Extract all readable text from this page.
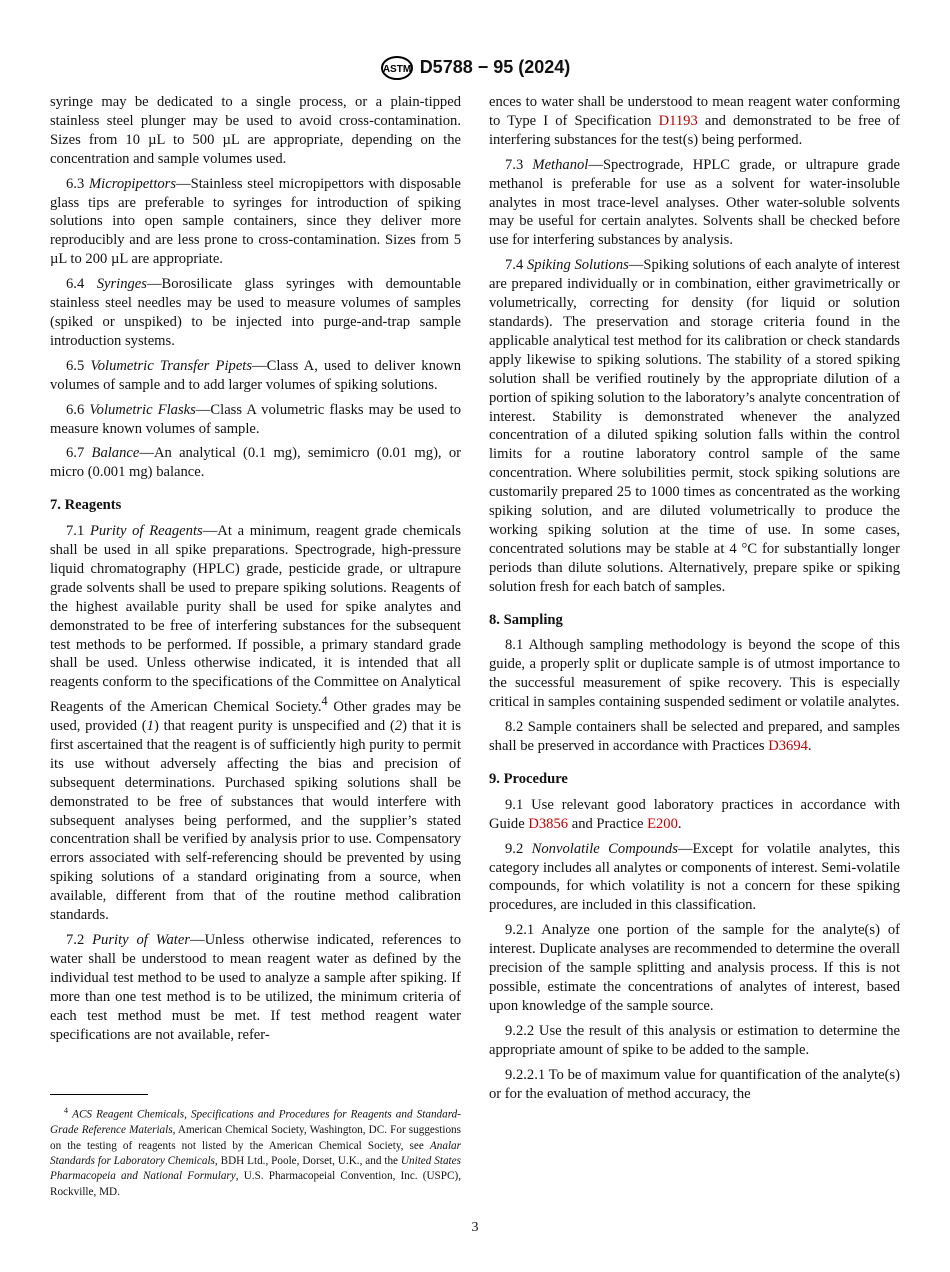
ASTM D5788 − 95 (2024)

syringe may be dedicated to a single process, or a plain-tipped stainless steel plunger may be used to avoid cross-contamination. Sizes from 10 µL to 500 µL are appropriate, depending on the concentration and sample volumes used.

6.3 Micropipettors—Stainless steel micropipettors with disposable glass tips are preferable to syringes for introduction of spiking solutions into open sample containers, since they deliver more reproducibly and are less prone to cross-contamination. Sizes from 5 µL to 200 µL are appropriate.

6.4 Syringes—Borosilicate glass syringes with demountable stainless steel needles may be used to measure volumes of samples (spiked or unspiked) to be injected into purge-and-trap sample introduction systems.

6.5 Volumetric Transfer Pipets—Class A, used to deliver known volumes of sample and to add larger volumes of spiking solutions.

6.6 Volumetric Flasks—Class A volumetric flasks may be used to measure known volumes of sample.

6.7 Balance—An analytical (0.1 mg), semimicro (0.01 mg), or micro (0.001 mg) balance.

7. Reagents

7.1 Purity of Reagents—At a minimum, reagent grade chemicals shall be used in all spike preparations. Spectrograde, high-pressure liquid chromatography (HPLC) grade, pesticide grade, or ultrapure grade solvents shall be used to prepare spiking solutions. Reagents of the highest available purity shall be used for spike analytes and demonstrated to be free of interfering substances for the subsequent test methods to be performed. If possible, a primary standard grade shall be used. Unless otherwise indicated, it is intended that all reagents conform to the specifications of the Committee on Analytical Reagents of the American Chemical Society.$^4$ Other grades may be used, provided (1) that reagent purity is unspecified and (2) that it is first ascertained that the reagent is of sufficiently high purity to permit its use without adversely affecting the bias and precision of subsequent determinations. Purchased spiking solutions shall be demonstrated to be free of substances that would interfere with subsequent analyses being performed, and the supplier’s stated concentration shall be verified by analysis prior to use. Compensatory errors associated with self-referencing should be prevented by using spiking solutions of a standard originating from a source, when available, different from that of the routine method calibration standards.

7.2 Purity of Water—Unless otherwise indicated, references to water shall be understood to mean reagent water as defined by the individual test method to be used to analyze a sample after spiking. If more than one test method is to be utilized, the minimum criteria of each test method must be met. If test method reagent water specifications are not available, refer-

ences to water shall be understood to mean reagent water conforming to Type I of Specification D1193 and demonstrated to be free of interfering substances for the test(s) being performed.

7.3 Methanol—Spectrograde, HPLC grade, or ultrapure grade methanol is preferable for use as a solvent for water-insoluble analytes in most trace-level analyses. Other water-soluble solvents may be useful for certain analytes. Solvents shall be checked before use for interfering substances by analysis.

7.4 Spiking Solutions—Spiking solutions of each analyte of interest are prepared individually or in combination, either gravimetrically or volumetrically, correcting for density (for liquid or solution standards). The preservation and storage criteria found in the applicable analytical test method for its calibration or check standards apply likewise to spiking solutions. The stability of a stored spiking solution shall be verified routinely by the appropriate dilution of a portion of spiking solution to the laboratory’s analyte concentration of interest. Stability is demonstrated whenever the analyzed concentration of a diluted spiking solution falls within the control limits for a routine laboratory control sample of the same concentration. Where solubilities permit, stock spiking solutions are customarily prepared 25 to 1000 times as concentrated as the working spiking solution, and are diluted volumetrically to produce the working spiking solution at the time of use. In some cases, concentrated solutions may be stable at 4 °C for substantially longer periods than dilute solutions. Alternatively, prepare spike or spiking solution fresh for each batch of samples.

8. Sampling

8.1 Although sampling methodology is beyond the scope of this guide, a properly split or duplicate sample is of utmost importance to the successful measurement of spike recovery. This is especially critical in samples containing suspended sediment or volatile analytes.

8.2 Sample containers shall be selected and prepared, and samples shall be preserved in accordance with Practices D3694.

9. Procedure

9.1 Use relevant good laboratory practices in accordance with Guide D3856 and Practice E200.

9.2 Nonvolatile Compounds—Except for volatile analytes, this category includes all analytes or components of interest. Semi-volatile compounds, for which volatility is not a concern for these spiking procedures, are included in this classification.

9.2.1 Analyze one portion of the sample for the analyte(s) of interest. Duplicate analyses are recommended to determine the overall precision of the sample splitting and analysis process. If this is not possible, estimate the concentrations of analytes of interest, based upon knowledge of the sample source.

9.2.2 Use the result of this analysis or estimation to determine the appropriate amount of spike to be added to the sample.

9.2.2.1 To be of maximum value for quantification of the analyte(s) or for the evaluation of method accuracy, the

$^4$ ACS Reagent Chemicals, Specifications and Procedures for Reagents and Standard-Grade Reference Materials, American Chemical Society, Washington, DC. For suggestions on the testing of reagents not listed by the American Chemical Society, see Analar Standards for Laboratory Chemicals, BDH Ltd., Poole, Dorset, U.K., and the United States Pharmacopeia and National Formulary, U.S. Pharmacopeial Convention, Inc. (USPC), Rockville, MD.
3
